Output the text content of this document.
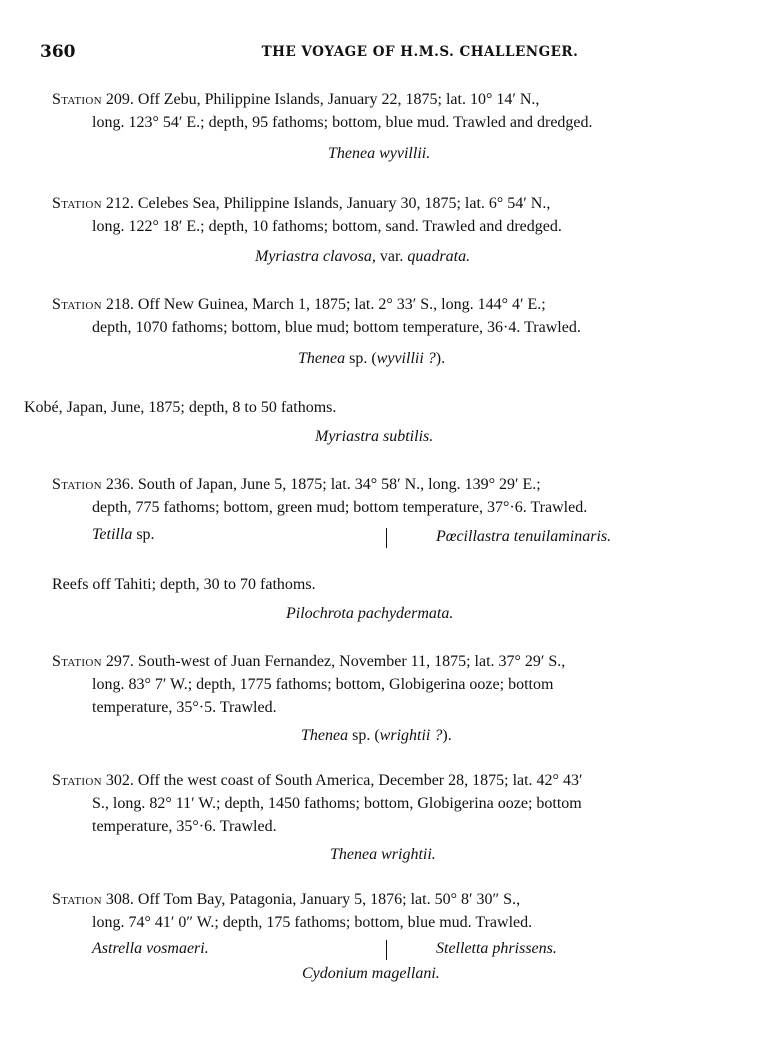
360	THE VOYAGE OF H.M.S. CHALLENGER.
Station 209. Off Zebu, Philippine Islands, January 22, 1875; lat. 10° 14′ N.,
long. 123° 54′ E.; depth, 95 fathoms; bottom, blue mud. Trawled and dredged.
Thenea wyvillii.
Station 212. Celebes Sea, Philippine Islands, January 30, 1875; lat. 6° 54′ N.,
long. 122° 18′ E.; depth, 10 fathoms; bottom, sand. Trawled and dredged.
Myriastra clavosa, var. quadrata.
Station 218. Off New Guinea, March 1, 1875; lat. 2° 33′ S., long. 144° 4′ E.;
depth, 1070 fathoms; bottom, blue mud; bottom temperature, 36·4. Trawled.
Thenea sp. (wyvillii ?).
Kobé, Japan, June, 1875; depth, 8 to 50 fathoms.
Myriastra subtilis.
Station 236. South of Japan, June 5, 1875; lat. 34° 58′ N., long. 139° 29′ E.;
depth, 775 fathoms; bottom, green mud; bottom temperature, 37°·6. Trawled.
Tetilla sp.	Pœcillastra tenuilaminaris.
Reefs off Tahiti; depth, 30 to 70 fathoms.
Pilochrota pachydermata.
Station 297. South-west of Juan Fernandez, November 11, 1875; lat. 37° 29′ S.,
long. 83° 7′ W.; depth, 1775 fathoms; bottom, Globigerina ooze; bottom
temperature, 35°·5. Trawled.
Thenea sp. (wrightii ?).
Station 302. Off the west coast of South America, December 28, 1875; lat. 42° 43′
S., long. 82° 11′ W.; depth, 1450 fathoms; bottom, Globigerina ooze; bottom
temperature, 35°·6. Trawled.
Thenea wrightii.
Station 308. Off Tom Bay, Patagonia, January 5, 1876; lat. 50° 8′ 30″ S.,
long. 74° 41′ 0″ W.; depth, 175 fathoms; bottom, blue mud. Trawled.
Astrella vosmaeri.	Stelletta phrissens.
Cydonium magellani.
